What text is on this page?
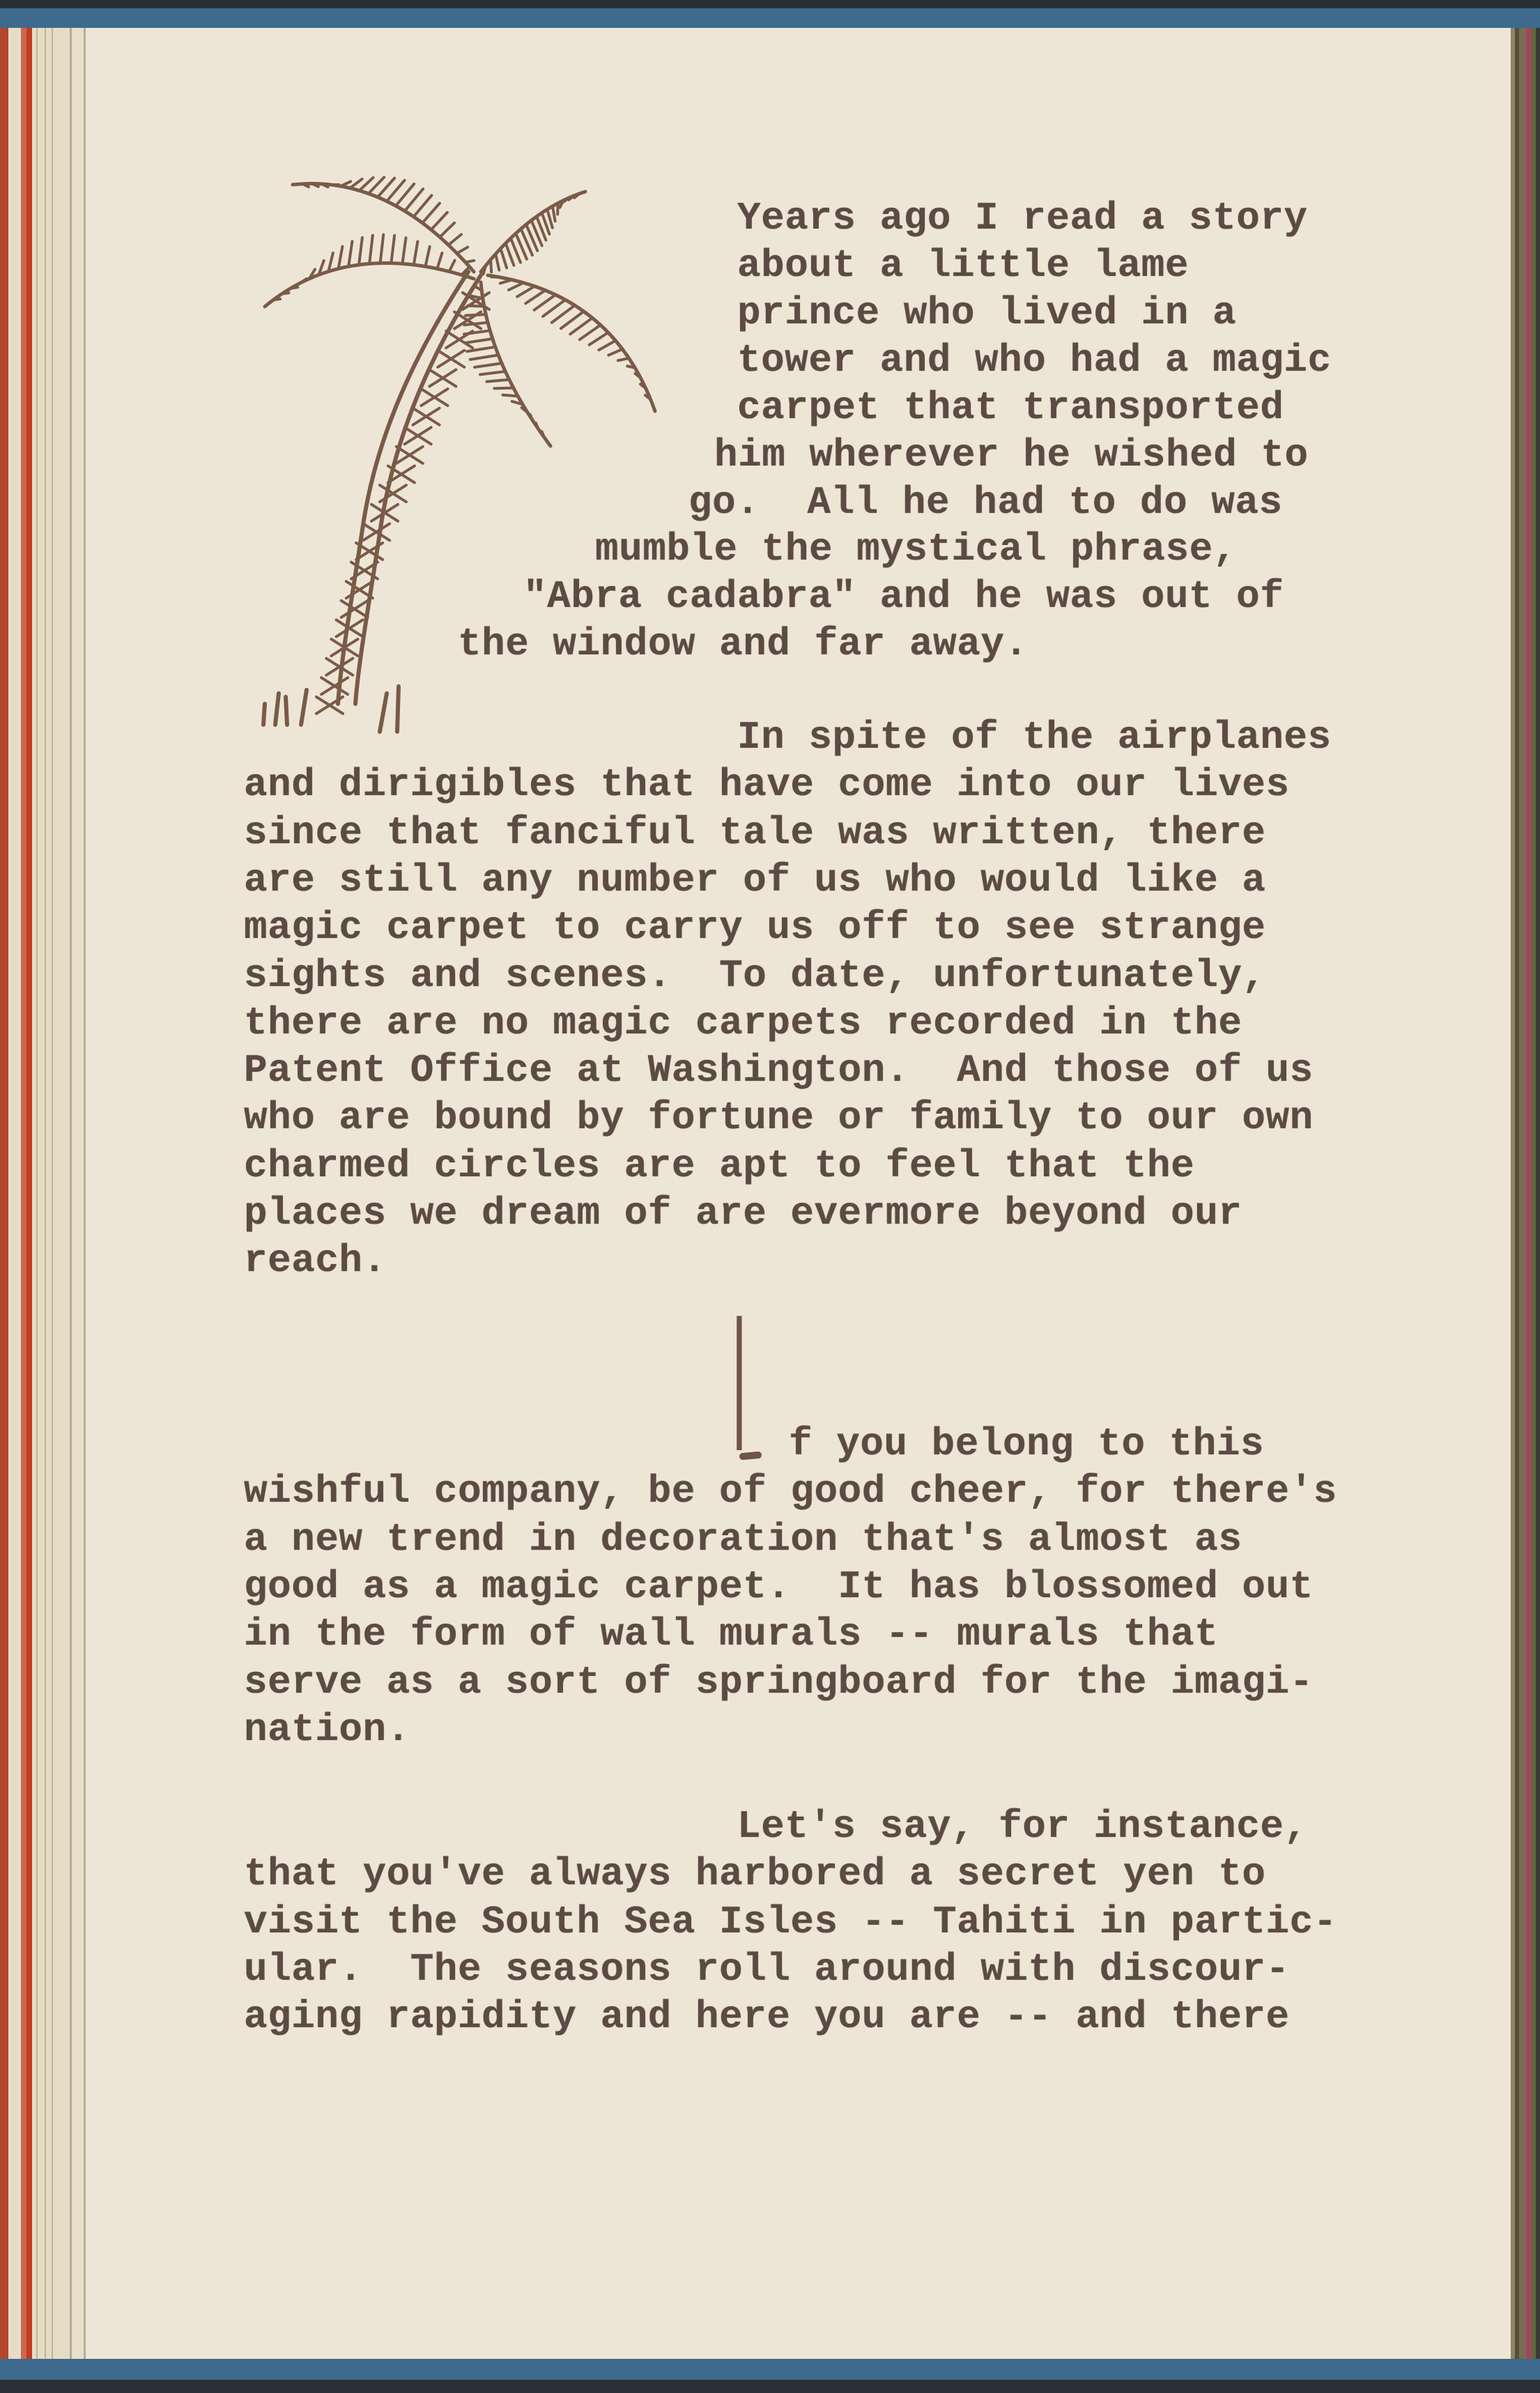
I
Years ago I read a story
about a little lame
prince who lived in a
tower and who had a magic
carpet that transported
him wherever he wished to
go.  All he had to do was
mumble the mystical phrase,
"Abra cadabra" and he was out of
the window and far away.
In spite of the airplanes
and dirigibles that have come into our lives
since that fanciful tale was written, there
are still any number of us who would like a
magic carpet to carry us off to see strange
sights and scenes.  To date, unfortunately,
there are no magic carpets recorded in the
Patent Office at Washington.  And those of us
who are bound by fortune or family to our own
charmed circles are apt to feel that the
places we dream of are evermore beyond our
reach.
f you belong to this
wishful company, be of good cheer, for there's
a new trend in decoration that's almost as
good as a magic carpet.  It has blossomed out
in the form of wall murals -- murals that
serve as a sort of springboard for the imagi-
nation.
Let's say, for instance,
that you've always harbored a secret yen to
visit the South Sea Isles -- Tahiti in partic-
ular.  The seasons roll around with discour-
aging rapidity and here you are -- and there
